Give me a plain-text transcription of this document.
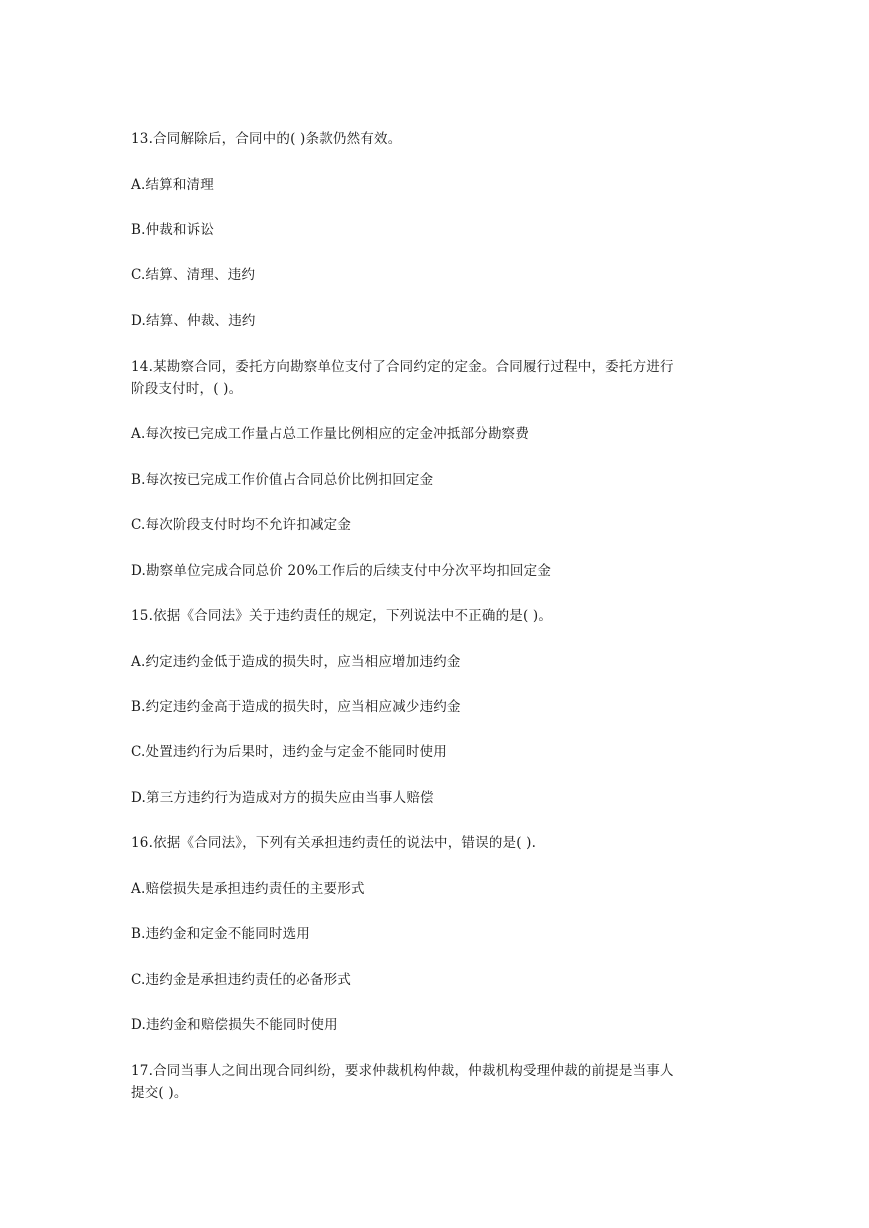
13.合同解除后，合同中的( )条款仍然有效。
A.结算和清理
B.仲裁和诉讼
C.结算、清理、违约
D.结算、仲裁、违约
14.某勘察合同，委托方向勘察单位支付了合同约定的定金。合同履行过程中，委托方进行
阶段支付时，( )。
A.每次按已完成工作量占总工作量比例相应的定金冲抵部分勘察费
B.每次按已完成工作价值占合同总价比例扣回定金
C.每次阶段支付时均不允许扣减定金
D.勘察单位完成合同总价 20%工作后的后续支付中分次平均扣回定金
15.依据《合同法》关于违约责任的规定，下列说法中不正确的是( )。
A.约定违约金低于造成的损失时，应当相应增加违约金
B.约定违约金高于造成的损失时，应当相应减少违约金
C.处置违约行为后果时，违约金与定金不能同时使用
D.第三方违约行为造成对方的损失应由当事人赔偿
16.依据《合同法》，下列有关承担违约责任的说法中，错误的是( ).
A.赔偿损失是承担违约责任的主要形式
B.违约金和定金不能同时选用
C.违约金是承担违约责任的必备形式
D.违约金和赔偿损失不能同时使用
17.合同当事人之间出现合同纠纷，要求仲裁机构仲裁，仲裁机构受理仲裁的前提是当事人
提交( )。
